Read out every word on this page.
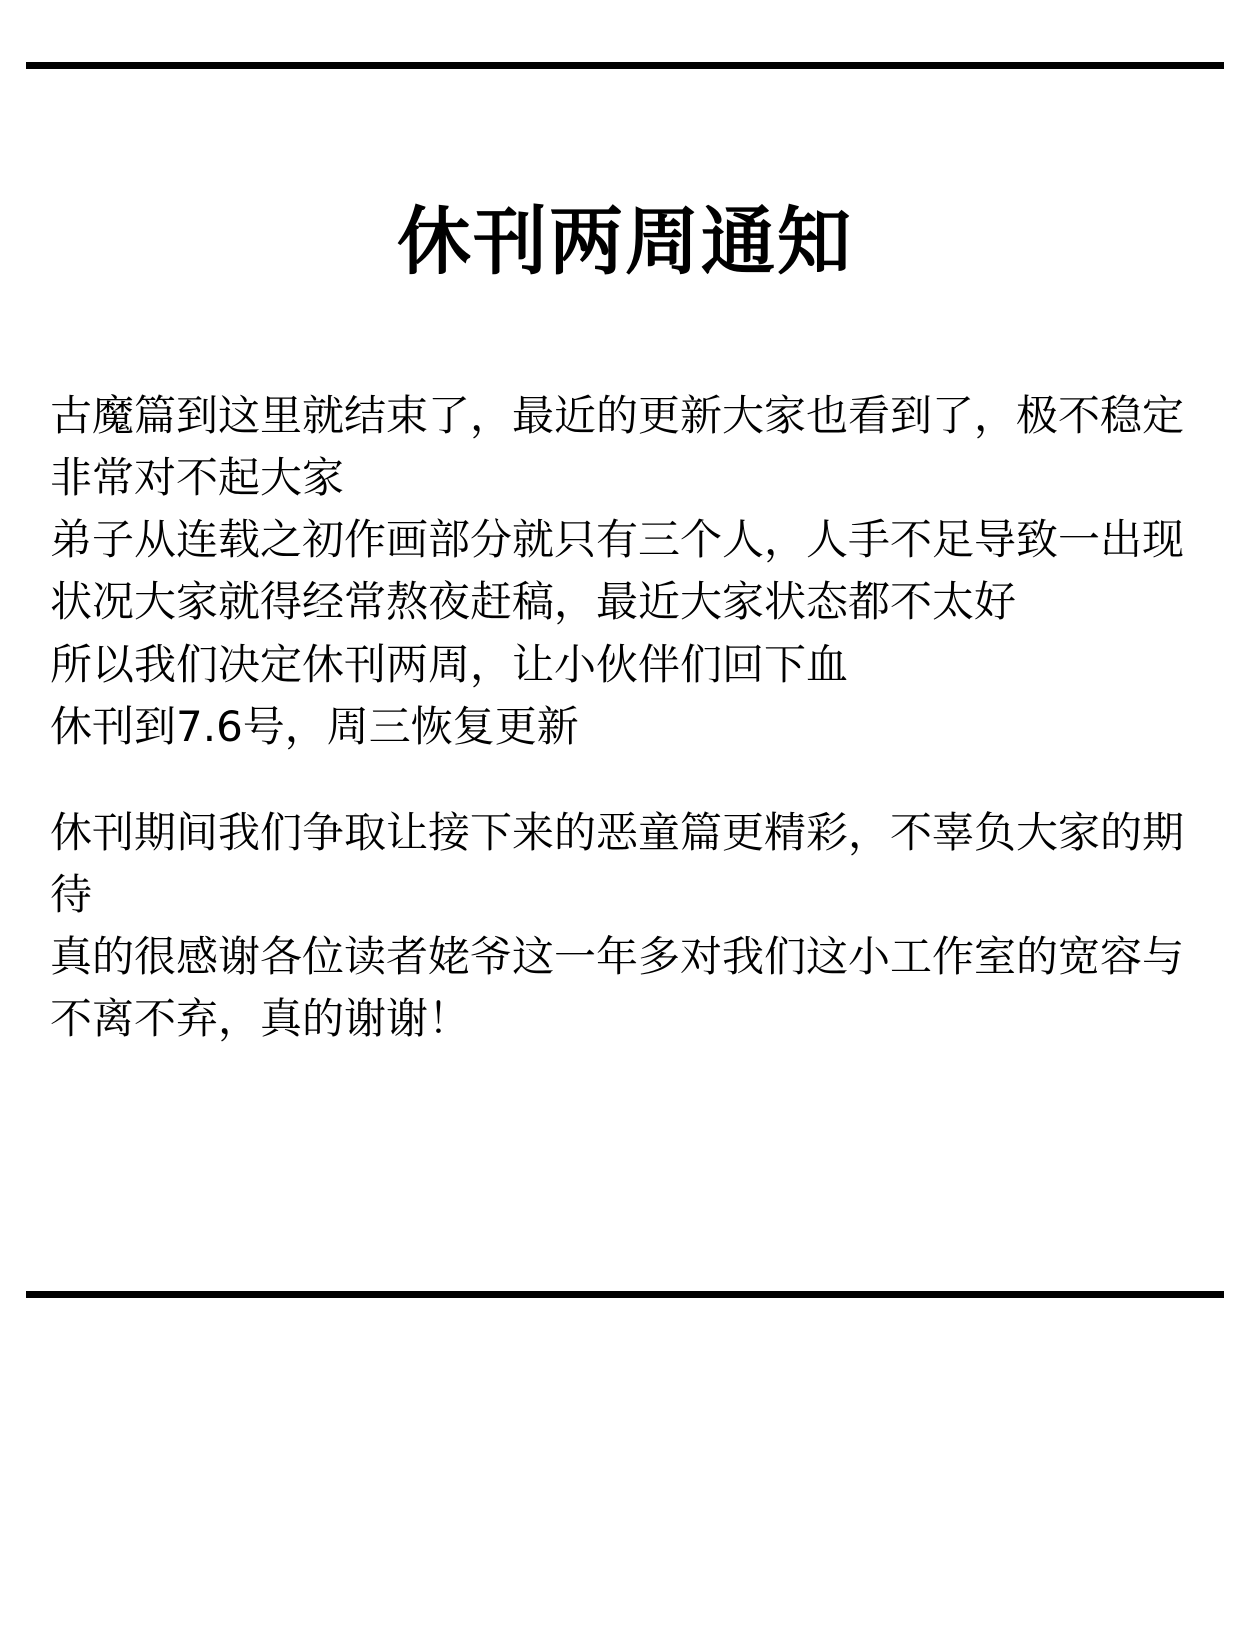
休刊两周通知

古魔篇到这里就结束了，最近的更新大家也看到了，极不稳定非常对不起大家

弟子从连载之初作画部分就只有三个人，人手不足导致一出现状况大家就得经常熬夜赶稿，最近大家状态都不太好

所以我们决定休刊两周，让小伙伴们回下血

休刊到7.6号，周三恢复更新

休刊期间我们争取让接下来的恶童篇更精彩，不辜负大家的期待

真的很感谢各位读者姥爷这一年多对我们这小工作室的宽容与不离不弃，真的谢谢！
